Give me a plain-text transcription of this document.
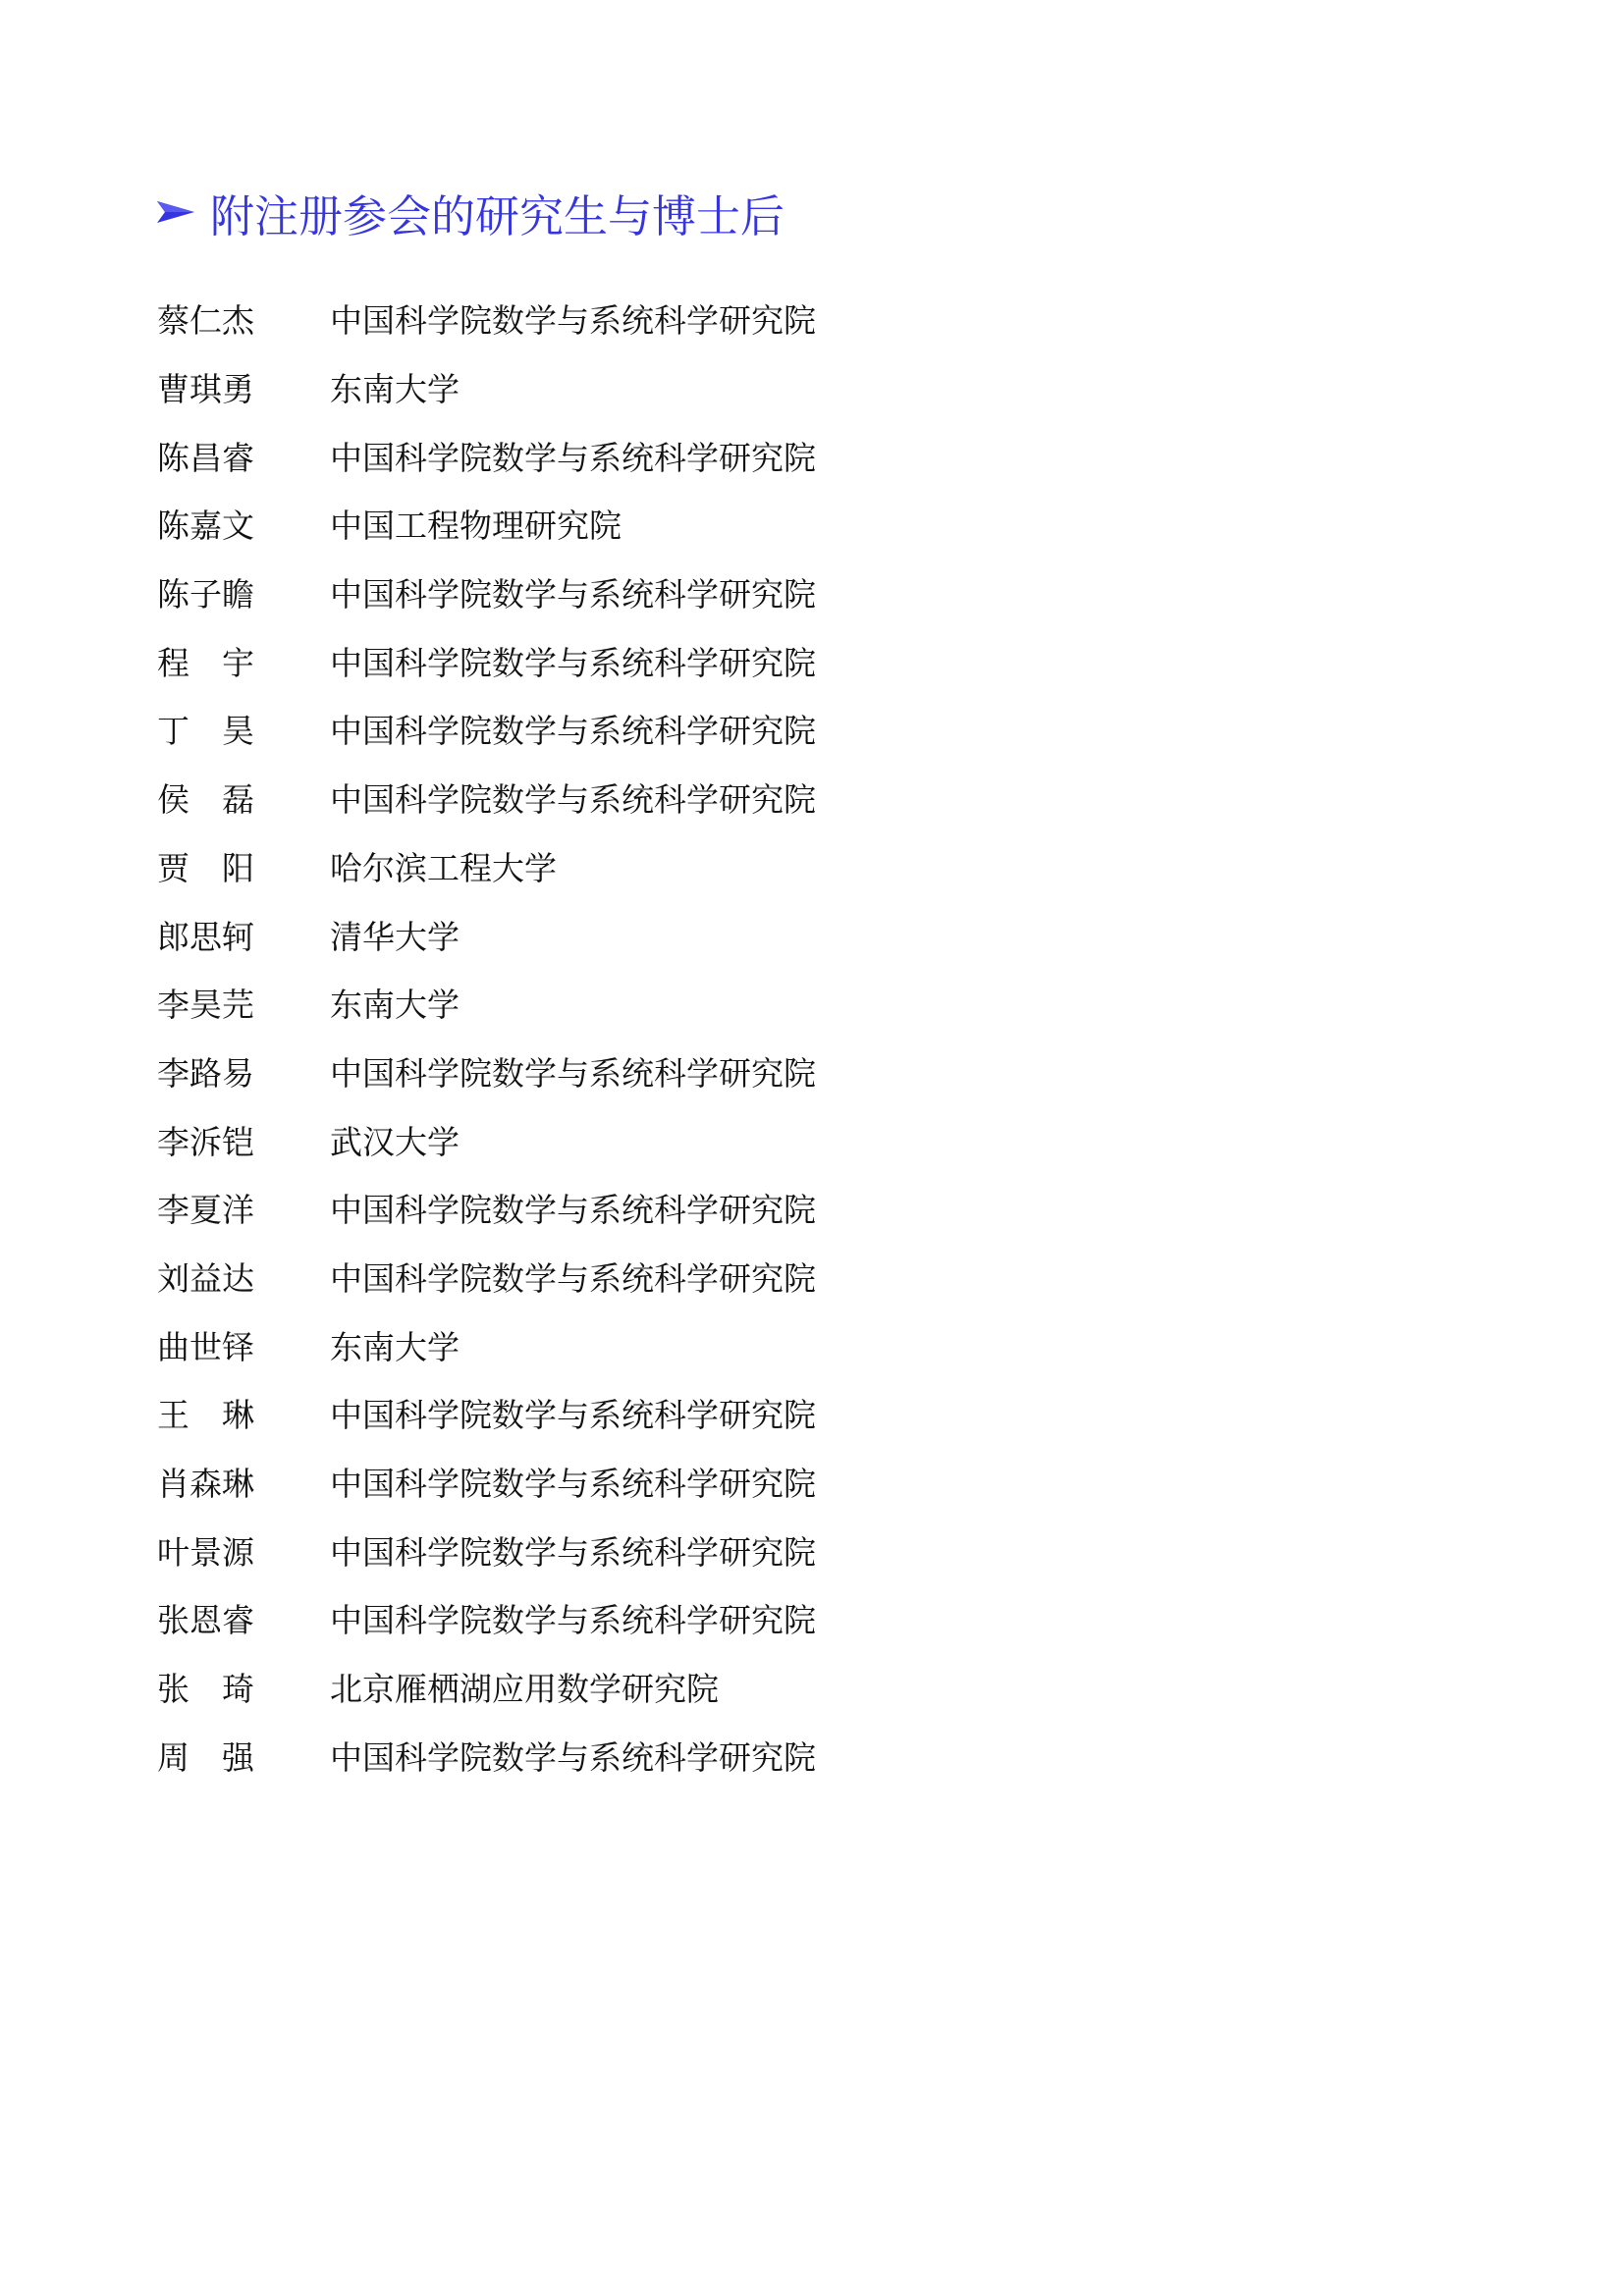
附注册参会的研究生与博士后
蔡仁杰	中国科学院数学与系统科学研究院
曹琪勇	东南大学
陈昌睿	中国科学院数学与系统科学研究院
陈嘉文	中国工程物理研究院
陈子瞻	中国科学院数学与系统科学研究院
程　宇	中国科学院数学与系统科学研究院
丁　昊	中国科学院数学与系统科学研究院
侯　磊	中国科学院数学与系统科学研究院
贾　阳	哈尔滨工程大学
郎思轲	清华大学
李昊芫	东南大学
李路易	中国科学院数学与系统科学研究院
李泝铠	武汉大学
李夏洋	中国科学院数学与系统科学研究院
刘益达	中国科学院数学与系统科学研究院
曲世铎	东南大学
王　琳	中国科学院数学与系统科学研究院
肖森琳	中国科学院数学与系统科学研究院
叶景源	中国科学院数学与系统科学研究院
张恩睿	中国科学院数学与系统科学研究院
张　琦	北京雁栖湖应用数学研究院
周　强	中国科学院数学与系统科学研究院
